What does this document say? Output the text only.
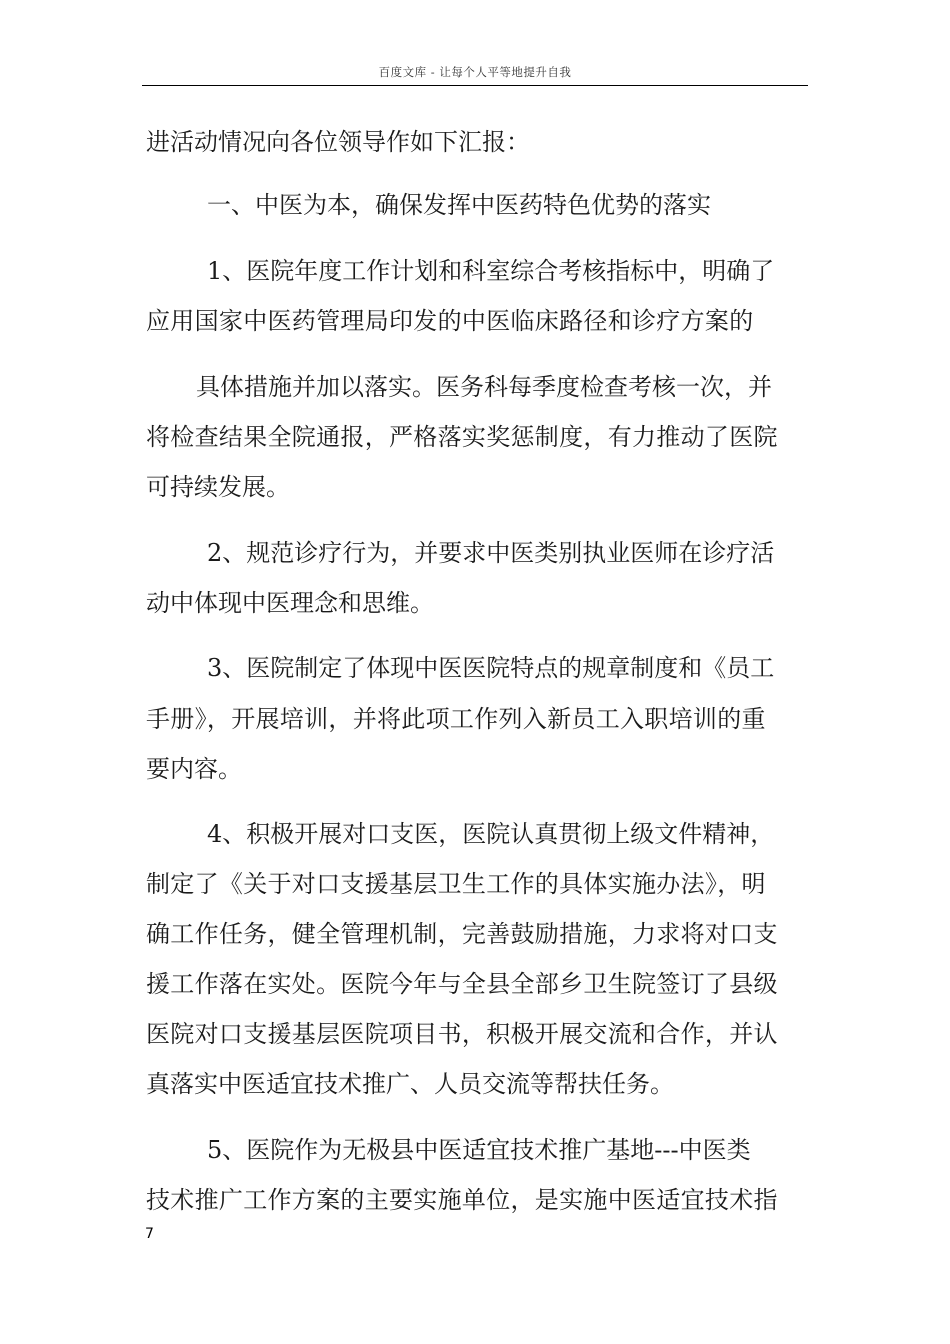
百度文库 - 让每个人平等地提升自我
进活动情况向各位领导作如下汇报：
一、中医为本，确保发挥中医药特色优势的落实
1、医院年度工作计划和科室综合考核指标中，明确了
应用国家中医药管理局印发的中医临床路径和诊疗方案的
具体措施并加以落实。医务科每季度检查考核一次，并
将检查结果全院通报，严格落实奖惩制度，有力推动了医院
可持续发展。
2、规范诊疗行为，并要求中医类别执业医师在诊疗活
动中体现中医理念和思维。
3、医院制定了体现中医医院特点的规章制度和《员工
手册》，开展培训，并将此项工作列入新员工入职培训的重
要内容。
4、积极开展对口支医，医院认真贯彻上级文件精神，
制定了《关于对口支援基层卫生工作的具体实施办法》，明
确工作任务，健全管理机制，完善鼓励措施，力求将对口支
援工作落在实处。医院今年与全县全部乡卫生院签订了县级
医院对口支援基层医院项目书，积极开展交流和合作，并认
真落实中医适宜技术推广、人员交流等帮扶任务。
5、医院作为无极县中医适宜技术推广基地---中医类
技术推广工作方案的主要实施单位，是实施中医适宜技术指
7
